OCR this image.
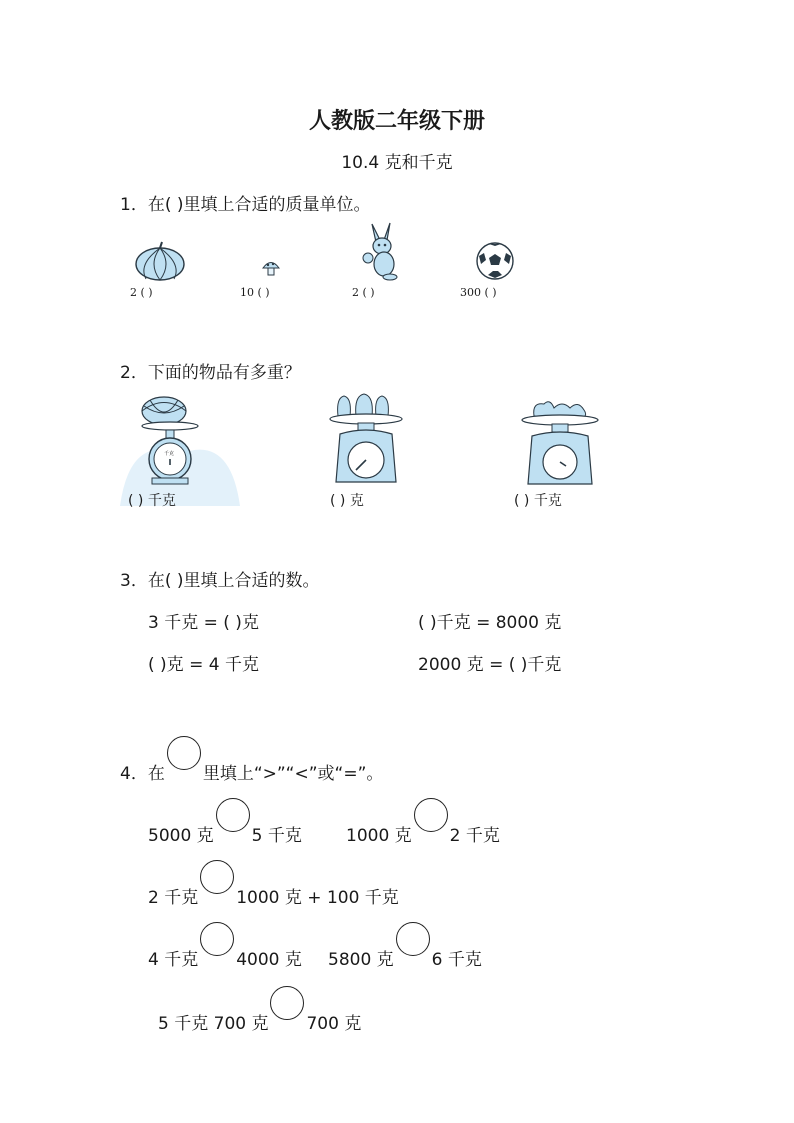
人教版二年级下册
10.4 克和千克
1．在( )里填上合适的质量单位。
2 ( )	10 ( )	2 ( )	300 ( )
2．下面的物品有多重？
千克
( ) 千克	( ) 克	( ) 千克
3．在( )里填上合适的数。
3 千克 = ( )克	( )千克 = 8000 克
( )克 = 4 千克	2000 克 = ( )千克
4．在 里填上“>”“<”或“=”。
5000 克 5 千克	1000 克 2 千克
2 千克 1000 克 + 100 千克
4 千克 4000 克 5800 克 6 千克
5 千克 700 克 700 克
